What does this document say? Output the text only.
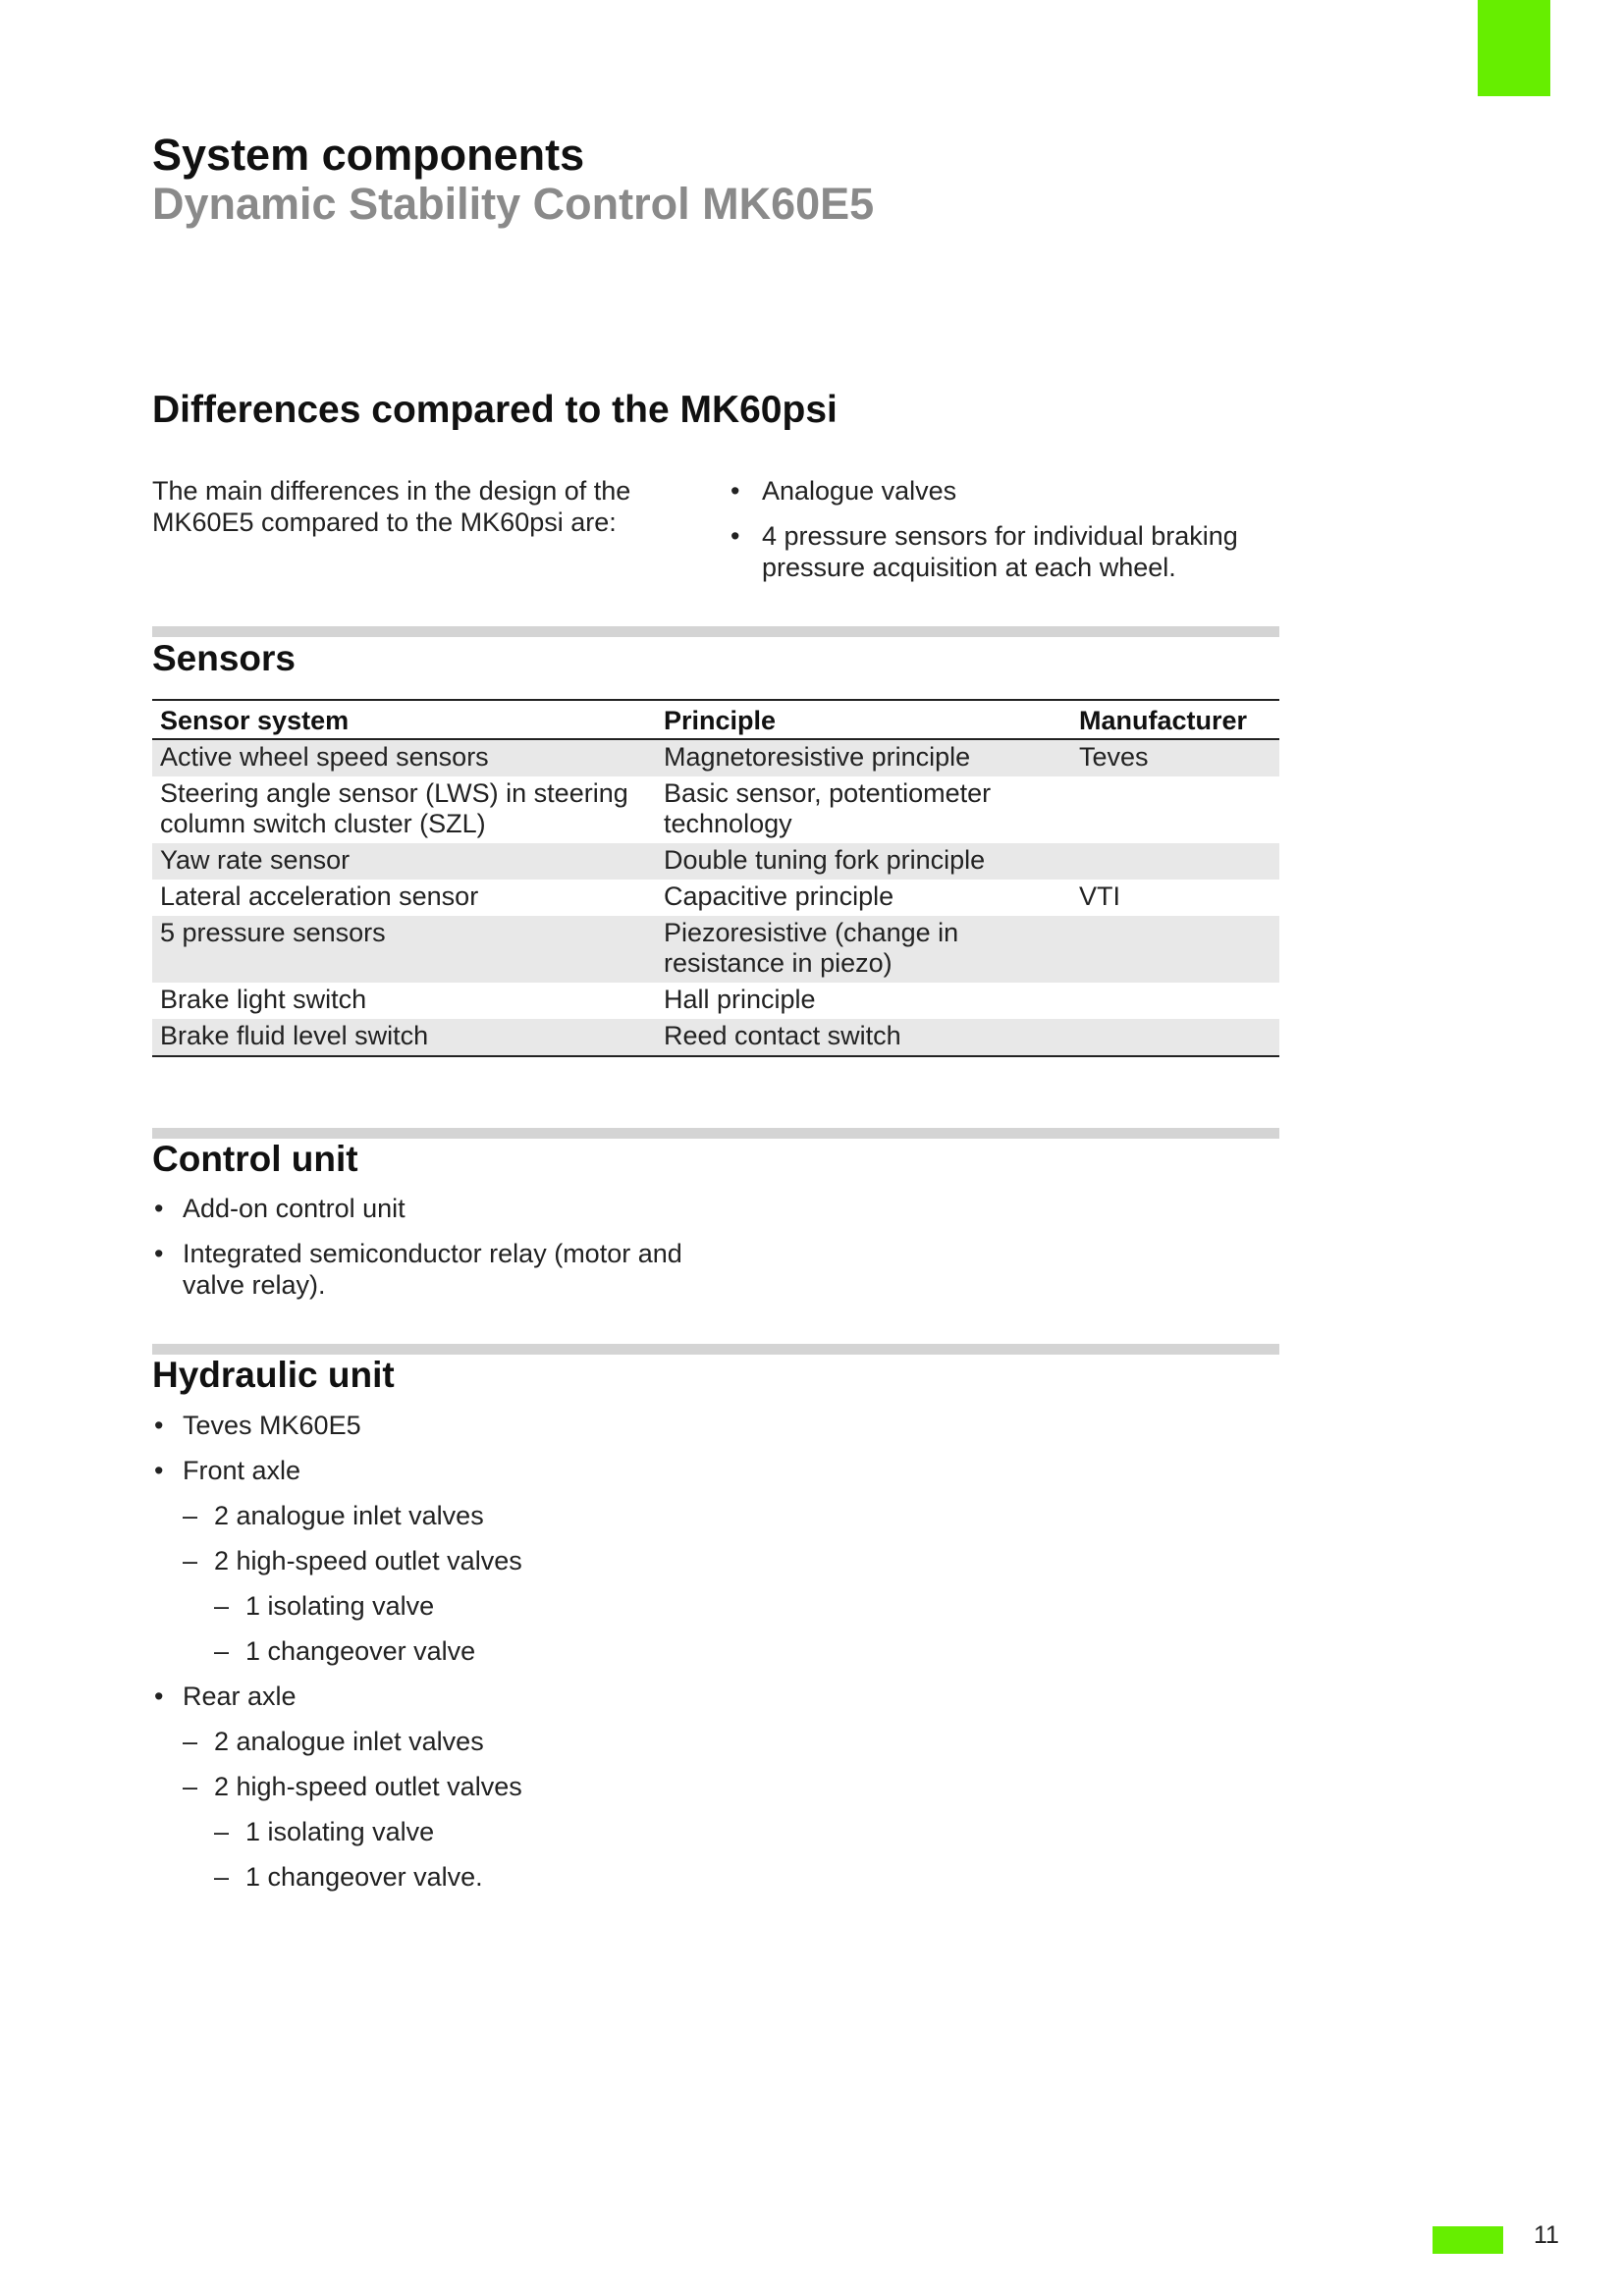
System components
Dynamic Stability Control MK60E5
Differences compared to the MK60psi

The main differences in the design of the MK60E5 compared to the MK60psi are:

• Analogue valves
• 4 pressure sensors for individual braking pressure acquisition at each wheel.
Sensors
Sensor system	Principle	Manufacturer
Active wheel speed sensors	Magnetoresistive principle	Teves
Steering angle sensor (LWS) in steering column switch cluster (SZL)	Basic sensor, potentiometer technology	
Yaw rate sensor	Double tuning fork principle	
Lateral acceleration sensor	Capacitive principle	VTI
5 pressure sensors	Piezoresistive (change in resistance in piezo)	
Brake light switch	Hall principle	
Brake fluid level switch	Reed contact switch	
Control unit
• Add-on control unit
• Integrated semiconductor relay (motor and valve relay).
Hydraulic unit
• Teves MK60E5
• Front axle
– 2 analogue inlet valves
– 2 high-speed outlet valves
– 1 isolating valve
– 1 changeover valve
• Rear axle
– 2 analogue inlet valves
– 2 high-speed outlet valves
– 1 isolating valve
– 1 changeover valve.
11
